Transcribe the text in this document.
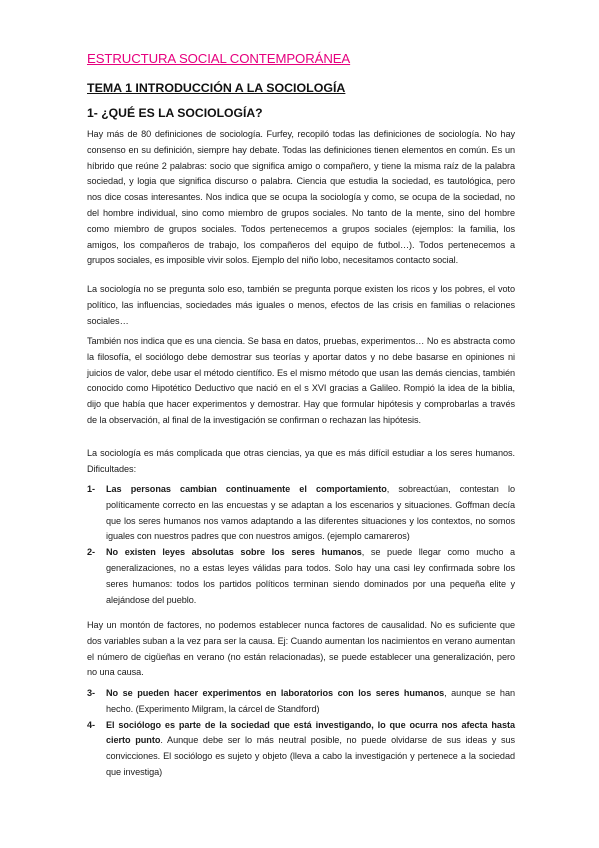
ESTRUCTURA SOCIAL CONTEMPORÁNEA
TEMA 1 INTRODUCCIÓN A LA SOCIOLOGÍA
1- ¿QUÉ ES LA SOCIOLOGÍA?

Hay más de 80 definiciones de sociología. Furfey, recopiló todas las definiciones de sociología. No hay consenso en su definición, siempre hay debate. Todas las definiciones tienen elementos en común. Es un híbrido que reúne 2 palabras: socio que significa amigo o compañero, y tiene la misma raíz de la palabra sociedad, y logia que significa discurso o palabra. Ciencia que estudia la sociedad, es tautológica, pero nos dice cosas interesantes. Nos indica que se ocupa la sociología y como, se ocupa de la sociedad, no del hombre individual, sino como miembro de grupos sociales. No tanto de la mente, sino del hombre como miembro de grupos sociales. Todos pertenecemos a grupos sociales (ejemplos: la familia, los amigos, los compañeros de trabajo, los compañeros del equipo de futbol…). Todos pertenecemos a grupos sociales, es imposible vivir solos. Ejemplo del niño lobo, necesitamos contacto social.

La sociología no se pregunta solo eso, también se pregunta porque existen los ricos y los pobres, el voto político, las influencias, sociedades más iguales o menos, efectos de las crisis en familias o relaciones sociales…

También nos indica que es una ciencia. Se basa en datos, pruebas, experimentos… No es abstracta como la filosofía, el sociólogo debe demostrar sus teorías y aportar datos y no debe basarse en opiniones ni juicios de valor, debe usar el método científico. Es el mismo método que usan las demás ciencias, también conocido como Hipotético Deductivo que nació en el s XVI gracias a Galileo. Rompió la idea de la biblia, dijo que había que hacer experimentos y demostrar. Hay que formular hipótesis y comprobarlas a través de la observación, al final de la investigación se confirman o rechazan las hipótesis.

La sociología es más complicada que otras ciencias, ya que es más difícil estudiar a los seres humanos. Dificultades:

1- Las personas cambian continuamente el comportamiento, sobreactúan, contestan lo políticamente correcto en las encuestas y se adaptan a los escenarios y situaciones. Goffman decía que los seres humanos nos vamos adaptando a las diferentes situaciones y los contextos, no somos iguales con nuestros padres que con nuestros amigos. (ejemplo camareros)
2- No existen leyes absolutas sobre los seres humanos, se puede llegar como mucho a generalizaciones, no a estas leyes válidas para todos. Solo hay una casi ley confirmada sobre los seres humanos: todos los partidos políticos terminan siendo dominados por una pequeña elite y alejándose del pueblo.

Hay un montón de factores, no podemos establecer nunca factores de causalidad. No es suficiente que dos variables suban a la vez para ser la causa. Ej: Cuando aumentan los nacimientos en verano aumentan el número de cigüeñas en verano (no están relacionadas), se puede establecer una generalización, pero no una causa.

3- No se pueden hacer experimentos en laboratorios con los seres humanos, aunque se han hecho. (Experimento Milgram, la cárcel de Standford)
4- El sociólogo es parte de la sociedad que está investigando, lo que ocurra nos afecta hasta cierto punto. Aunque debe ser lo más neutral posible, no puede olvidarse de sus ideas y sus convicciones. El sociólogo es sujeto y objeto (lleva a cabo la investigación y pertenece a la sociedad que investiga)
